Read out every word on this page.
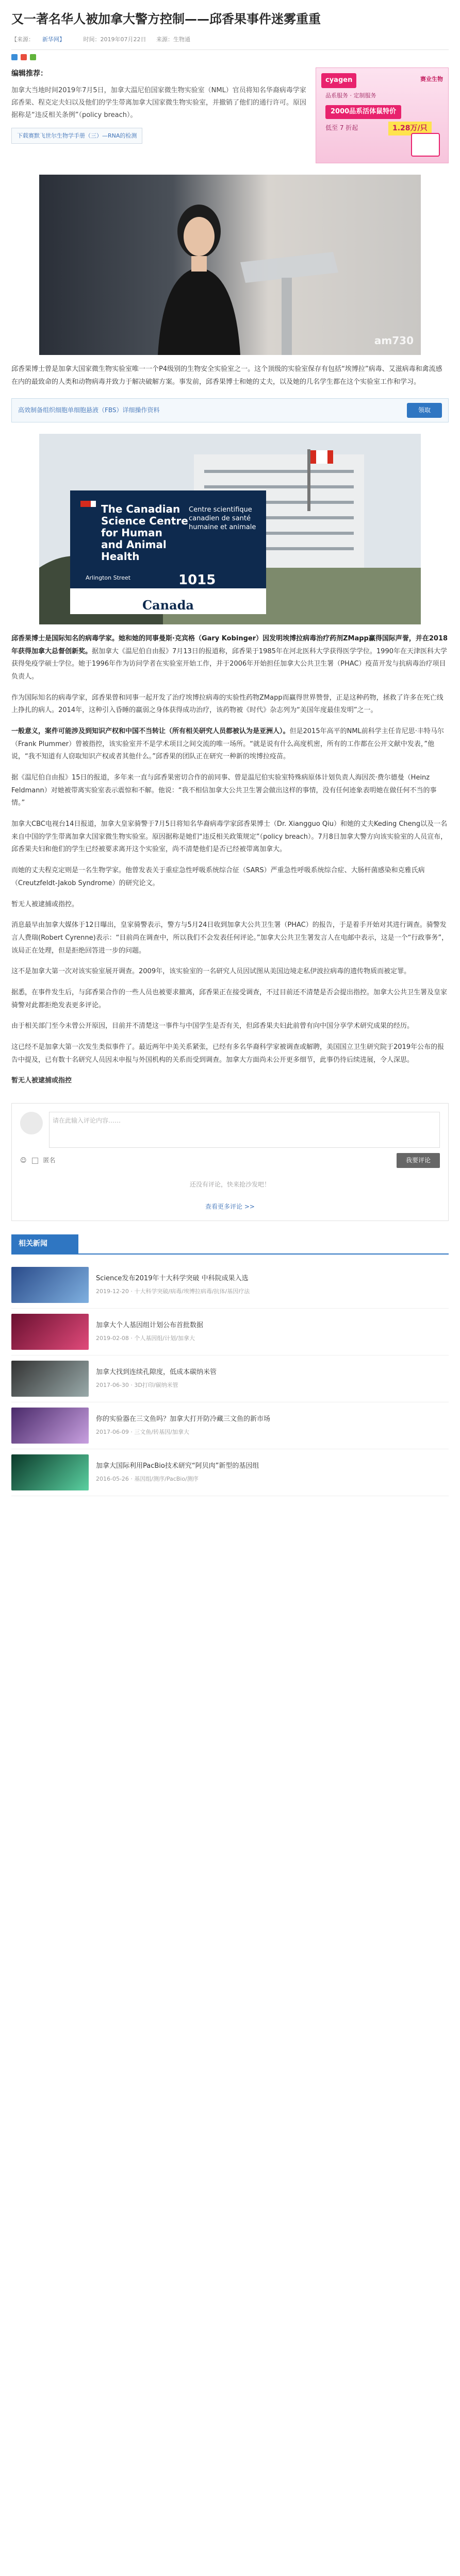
又一著名华人被加拿大警方控制——邱香果事件迷雾重重
【来源： 新华网】	时间：2019年07月22日 来源：生物通
编辑推荐：

加拿大当地时间2019年7月5日，加拿大温尼伯国家微生物实验室（NML）官员将知名华裔病毒学家邱香果、程克定夫妇以及他们的学生带离加拿大国家微生物实验室，并撤销了他们的通行许可。原因据称是“违反相关条例”（policy breach）。

下载赛默飞世尔生物学手册（三）—RNA的检测
cyagen	赛业生物
品系服务 · 定制服务
2000品系活体鼠特价
低至 7 折起	1.28万/只
am730

邱香果博士曾是加拿大国家微生物实验室唯一一个P4级别的生物安全实验室之一。这个顶级的实验室保存有包括“埃博拉”病毒、艾滋病毒和禽流感在内的最致命的人类和动物病毒并致力于解决破解方案。事发前，邱香果博士和她的丈夫，以及她的几名学生都在这个实验室工作和学习。

高效制备组织细胞单细胞悬液（FBS）详细操作资料	领取
The Canadian
Science Centre
for Human
and Animal
Health
Centre scientifique canadien de santé humaine et animale
Arlington Street	1015
Canada

邱香果博士是国际知名的病毒学家。她和她的同事曼斯·克宾格（Gary Kobinger）因发明埃博拉病毒治疗药剂ZMapp赢得国际声誉，并在2018年获得加拿大总督创新奖。据加拿大《温尼伯自由报》7月13日的报道称，邱香果于1985年在河北医科大学获得医学学位。1990年在天津医科大学获得免疫学硕士学位。她于1996年作为访问学者在实验室开始工作，并于2006年开始担任加拿大公共卫生署（PHAC）疫苗开发与抗病毒治疗项目负责人。

作为国际知名的病毒学家，邱香果曾和同事一起开发了治疗埃博拉病毒的实验性药物ZMapp而赢得世界赞誉，正是这种药物，拯救了许多在死亡线上挣扎的病人。2014年，这种引入昏睡的羸弱之身体获得成功治疗，该药物被《时代》杂志列为“美国年度最佳发明”之一。

一般意义，案件可能涉及到知识产权和中国不当转让（所有相关研究人员都被认为是亚洲人）。但是2015年高平的NML前科学主任肯尼思·丰特马尔（Frank Plummer）曾被指控，该实验室并不是学术项目之间交流的唯一场所。“就是说有什么高度机密，所有的工作都在公开文献中发表，”他说，“我不知道有人窃取知识产权或者其他什么。”邱香果的团队正在研究一种新的埃博拉疫苗。

据《温尼伯自由报》15日的报道，多年来一直与邱香果密切合作的前同事、曾是温尼伯实验室特殊病原体计划负责人海因茨·费尔德曼（Heinz Feldmann）对她被带离实验室表示震惊和不解。他说：“我不相信加拿大公共卫生署会做出这样的事情，没有任何迹象表明她在做任何不当的事情。”

加拿大CBC电视台14日报道，加拿大皇家骑警于7月5日将知名华裔病毒学家邱香果博士（Dr. Xiangguo Qiu）和她的丈夫Keding Cheng以及一名来自中国的学生带离加拿大国家微生物实验室。原因据称是她们“违反相关政策规定”（policy breach）。7月8日加拿大警方向该实验室的人员宣布，邱香果夫妇和他们的学生已经被要求离开这个实验室，尚不清楚他们是否已经被带离加拿大。

而她的丈夫程克定则是一名生物学家。他曾发表关于重症急性呼吸系统综合征（SARS）严重急性呼吸系统综合症、大肠杆菌感染和克雅氏病（Creutzfeldt-Jakob Syndrome）的研究论文。

暂无人被逮捕或指控。

消息最早由加拿大媒体于12日曝出，皇家骑警表示，警方与5月24日收到加拿大公共卫生署（PHAC）的报告，于是着手开始对其进行调查。骑警发言人费瑞(Robert Cyrenne)表示：“目前尚在调查中，所以我们不会发表任何评论。”加拿大公共卫生署发言人在电邮中表示，这是一个“行政事务”，该局正在处理，但是拒绝回答进一步的问题。

这不是加拿大第一次对该实验室展开调查。2009年，该实验室的一名研究人员因试图从美国边境走私伊波拉病毒的遗传物质而被定罪。

据悉，在事件发生后，与邱香果合作的一些人员也被要求撤离，邱香果正在接受调查，不过目前还不清楚是否会提出指控。加拿大公共卫生署及皇家骑警对此都拒绝发表更多评论。

由于相关部门至今未曾公开原因，目前并不清楚这一事件与中国学生是否有关，但邱香果夫妇此前曾有向中国分享学术研究成果的经历。

这已经不是加拿大第一次发生类似事件了。最近两年中美关系紧张，已经有多名华裔科学家被调查或解聘，美国国立卫生研究院于2019年公布的报告中提及，已有数十名研究人员因未申报与外国机构的关系而受到调查。加拿大方面尚未公开更多细节，此事仍待后续进展，令人深思。

暂无人被逮捕或指控

请在此输入评论内容……
☺	匿名	我要评论
还没有评论，快来抢沙发吧！
查看更多评论 >>
相关新闻
Science发布2019年十大科学突破 中科院成果入选
2019-12-20 · 十大科学突破/病毒/埃博拉病毒/抗体/基因疗法
加拿大个人基因组计划公布首批数据
2019-02-08 · 个人基因组/计划/加拿大
加拿大找到连续孔隙度，低成本碳纳米管
2017-06-30 · 3D打印/碳纳米管
你的实验器在三文鱼吗？加拿大打开防冷藏三文鱼的新市场
2017-06-09 · 三文鱼/转基因/加拿大
加拿大国际利用PacBio技术研究“阿贝肉”新型的基因组
2016-05-26 · 基因组/测序/PacBio/测序
